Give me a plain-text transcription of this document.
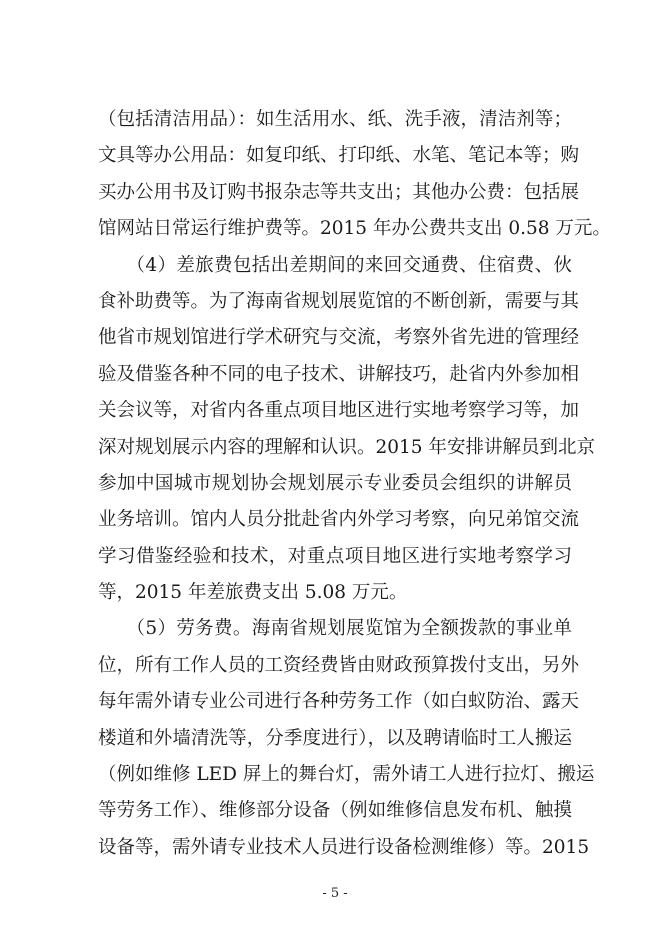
（包括清洁用品）：如生活用水、纸、洗手液，清洁剂等；
文具等办公用品：如复印纸、打印纸、水笔、笔记本等；购
买办公用书及订购书报杂志等共支出；其他办公费：包括展
馆网站日常运行维护费等。2015 年办公费共支出 0.58 万元。
　　（4）差旅费包括出差期间的来回交通费、住宿费、伙
食补助费等。为了海南省规划展览馆的不断创新，需要与其
他省市规划馆进行学术研究与交流，考察外省先进的管理经
验及借鉴各种不同的电子技术、讲解技巧，赴省内外参加相
关会议等，对省内各重点项目地区进行实地考察学习等，加
深对规划展示内容的理解和认识。2015 年安排讲解员到北京
参加中国城市规划协会规划展示专业委员会组织的讲解员
业务培训。馆内人员分批赴省内外学习考察，向兄弟馆交流
学习借鉴经验和技术，对重点项目地区进行实地考察学习
等，2015 年差旅费支出 5.08 万元。
　　（5）劳务费。海南省规划展览馆为全额拨款的事业单
位，所有工作人员的工资经费皆由财政预算拨付支出，另外
每年需外请专业公司进行各种劳务工作（如白蚁防治、露天
楼道和外墙清洗等，分季度进行），以及聘请临时工人搬运
（例如维修 LED 屏上的舞台灯，需外请工人进行拉灯、搬运
等劳务工作）、维修部分设备（例如维修信息发布机、触摸
设备等，需外请专业技术人员进行设备检测维修）等。2015
- 5 -
